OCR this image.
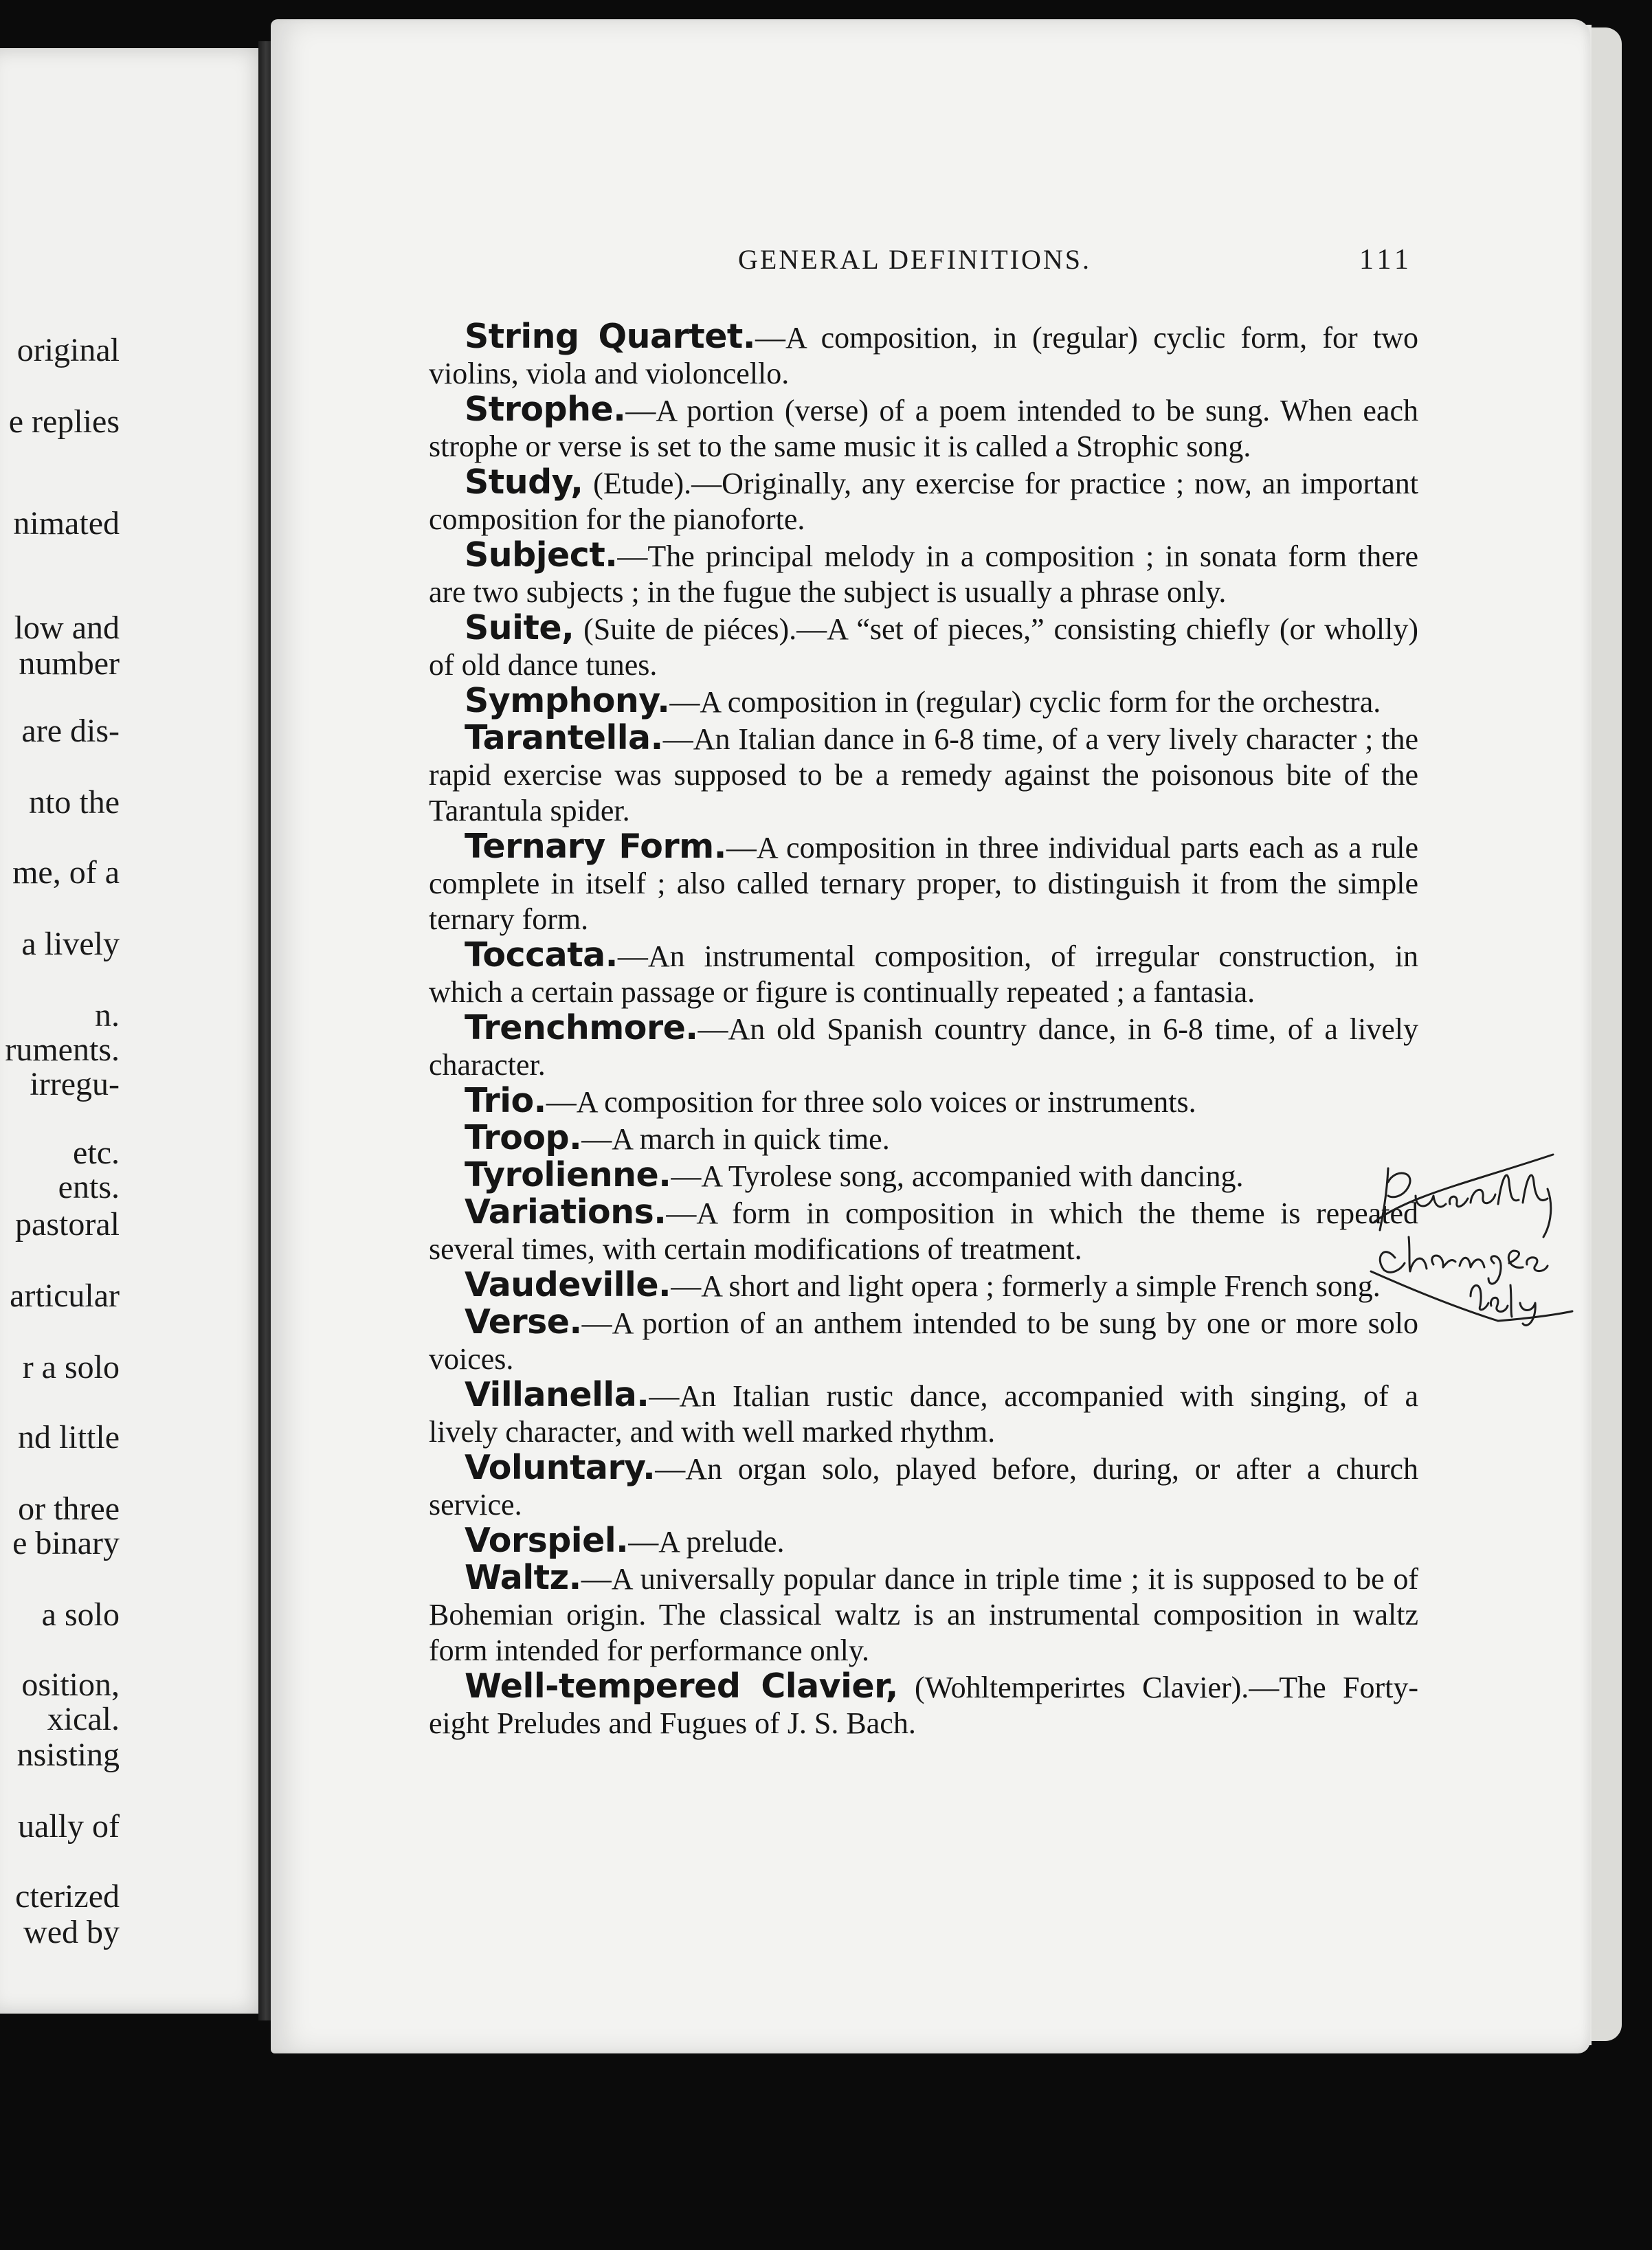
original
e replies
nimated
low and
number
are dis-
nto the
me, of a
a lively
n.
ruments.
irregu-
etc.
ents.
pastoral
articular
r a solo
nd little
or three
e binary
a solo
osition,
xical.
nsisting
ually of
cterized
wed by
GENERAL DEFINITIONS.	111

String Quartet.—A composition, in (regular) cyclic form, for two violins, viola and violoncello.

Strophe.—A portion (verse) of a poem intended to be sung. When each strophe or verse is set to the same music it is called a Strophic song.

Study, (Etude).—Originally, any exercise for practice ; now, an important composition for the pianoforte.

Subject.—The principal melody in a composition ; in sonata form there are two subjects ; in the fugue the subject is usually a phrase only.

Suite, (Suite de piéces).—A “set of pieces,” consisting chiefly (or wholly) of old dance tunes.

Symphony.—A composition in (regular) cyclic form for the orchestra.

Tarantella.—An Italian dance in 6-8 time, of a very lively character ; the rapid exercise was supposed to be a remedy against the poisonous bite of the Tarantula spider.

Ternary Form.—A composition in three individual parts each as a rule complete in itself ; also called ternary proper, to distinguish it from the simple ternary form.

Toccata.—An instrumental composition, of irregular construction, in which a certain passage or figure is continually repeated ; a fantasia.

Trenchmore.—An old Spanish country dance, in 6-8 time, of a lively character.

Trio.—A composition for three solo voices or instruments.

Troop.—A march in quick time.

Tyrolienne.—A Tyrolese song, accompanied with dancing.

Variations.—A form in composition in which the theme is repeated several times, with certain modifications of treatment.

Vaudeville.—A short and light opera ; formerly a simple French song.

Verse.—A portion of an anthem intended to be sung by one or more solo voices.

Villanella.—An Italian rustic dance, accompanied with singing, of a lively character, and with well marked rhythm.

Voluntary.—An organ solo, played before, during, or after a church service.

Vorspiel.—A prelude.

Waltz.—A universally popular dance in triple time ; it is supposed to be of Bohemian origin. The classical waltz is an instrumental composition in waltz form intended for performance only.

Well-tempered Clavier, (Wohltemperirtes Clavier).—The Forty-eight Preludes and Fugues of J. S. Bach.
